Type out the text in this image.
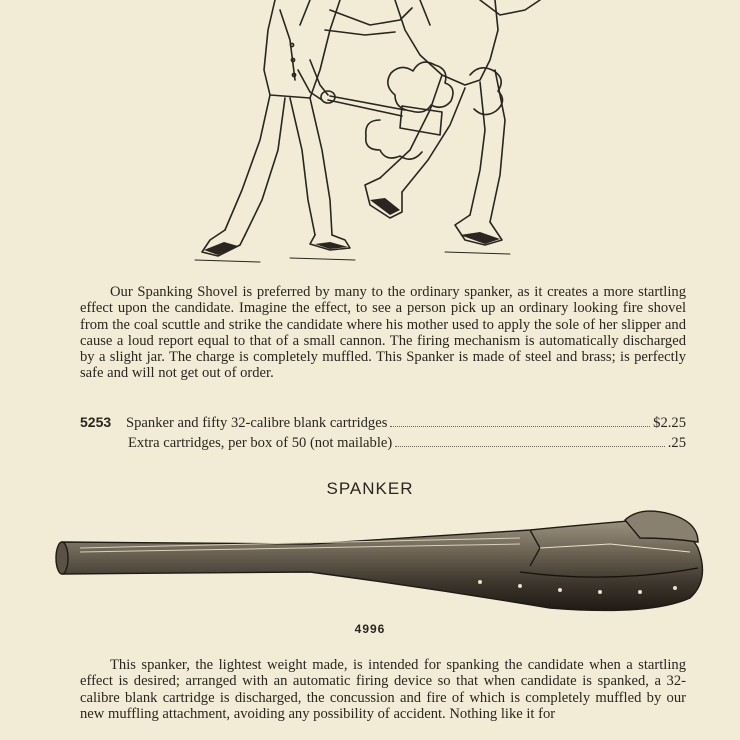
Our Spanking Shovel is preferred by many to the ordinary spanker, as it creates a more startling effect upon the candidate. Imagine the effect, to see a person pick up an ordinary looking fire shovel from the coal scuttle and strike the candidate where his mother used to apply the sole of her slipper and cause a loud report equal to that of a small cannon. The firing mechanism is automatically discharged by a slight jar. The charge is completely muffled. This Spanker is made of steel and brass; is perfectly safe and will not get out of order.
5253	Spanker and fifty 32-calibre blank cartridges	$2.25
Extra cartridges, per box of 50 (not mailable)	.25
SPANKER
4996
This spanker, the lightest weight made, is intended for spanking the candidate when a startling effect is desired; arranged with an automatic firing device so that when candidate is spanked, a 32-calibre blank cartridge is discharged, the concussion and fire of which is completely muffled by our new muffling attachment, avoiding any possibility of accident. Nothing like it for
